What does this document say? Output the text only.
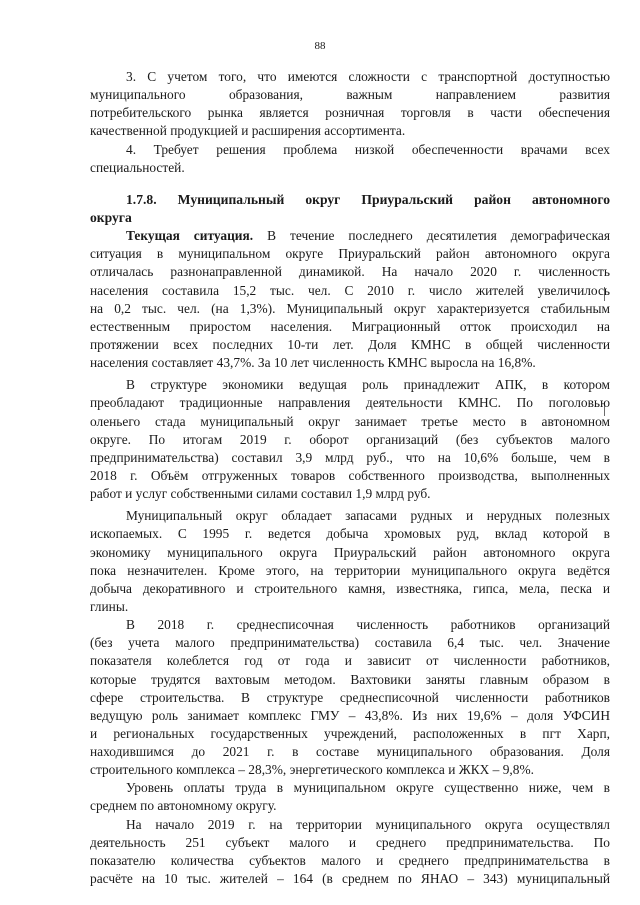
88
3. С учетом того, что имеются сложности с транспортной доступностью
муниципального образования, важным направлением развития
потребительского рынка является розничная торговля в части обеспечения
качественной продукцией и расширения ассортимента.
4. Требует решения проблема низкой обеспеченности врачами всех
специальностей.
1.7.8. Муниципальный округ Приуральский район автономного
округа
Текущая ситуация. В течение последнего десятилетия демографическая
ситуация в муниципальном округе Приуральский район автономного округа
отличалась разнонаправленной динамикой. На начало 2020 г. численность
населения составила 15,2 тыс. чел. С 2010 г. число жителей увеличилось
на 0,2 тыс. чел. (на 1,3%). Муниципальный округ характеризуется стабильным
естественным приростом населения. Миграционный отток происходил на
протяжении всех последних 10-ти лет. Доля КМНС в общей численности
населения составляет 43,7%. За 10 лет численность КМНС выросла на 16,8%.
В структуре экономики ведущая роль принадлежит АПК, в котором
преобладают традиционные направления деятельности КМНС. По поголовью
оленьего стада муниципальный округ занимает третье место в автономном
округе. По итогам 2019 г. оборот организаций (без субъектов малого
предпринимательства) составил 3,9 млрд руб., что на 10,6% больше, чем в
2018 г. Объём отгруженных товаров собственного производства, выполненных
работ и услуг собственными силами составил 1,9 млрд руб.
Муниципальный округ обладает запасами рудных и нерудных полезных
ископаемых. С 1995 г. ведется добыча хромовых руд, вклад которой в
экономику муниципального округа Приуральский район автономного округа
пока незначителен. Кроме этого, на территории муниципального округа ведётся
добыча декоративного и строительного камня, известняка, гипса, мела, песка и
глины.
В 2018 г. среднесписочная численность работников организаций
(без учета малого предпринимательства) составила 6,4 тыс. чел. Значение
показателя колеблется год от года и зависит от численности работников,
которые трудятся вахтовым методом. Вахтовики заняты главным образом в
сфере строительства. В структуре среднесписочной численности работников
ведущую роль занимает комплекс ГМУ – 43,8%. Из них 19,6% – доля УФСИН
и региональных государственных учреждений, расположенных в пгт Харп,
находившимся до 2021 г. в составе муниципального образования. Доля
строительного комплекса – 28,3%, энергетического комплекса и ЖКХ – 9,8%.
Уровень оплаты труда в муниципальном округе существенно ниже, чем в
среднем по автономному округу.
На начало 2019 г. на территории муниципального округа осуществлял
деятельность 251 субъект малого и среднего предпринимательства. По
показателю количества субъектов малого и среднего предпринимательства в
расчёте на 10 тыс. жителей – 164 (в среднем по ЯНАО – 343) муниципальный
